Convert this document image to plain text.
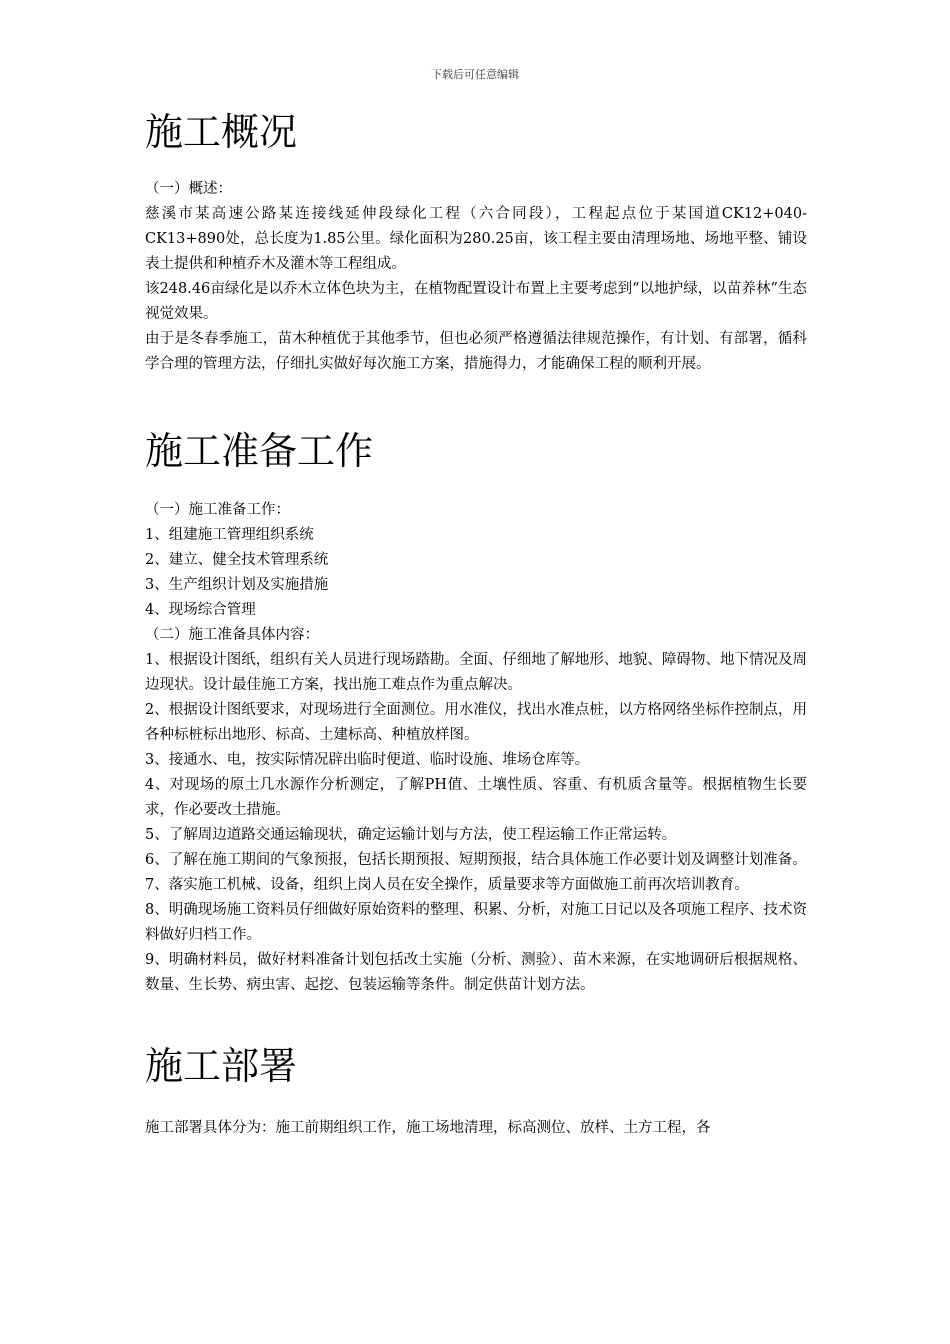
下载后可任意编辑
施工概况

（一）概述：

慈溪市某高速公路某连接线延伸段绿化工程（六合同段），工程起点位于某国道CK12+040-CK13+890处，总长度为1.85公里。绿化面积为280.25亩，该工程主要由清理场地、场地平整、铺设表土提供和种植乔木及灌木等工程组成。

该248.46亩绿化是以乔木立体色块为主，在植物配置设计布置上主要考虑到“以地护绿，以苗养林”生态视觉效果。

由于是冬春季施工，苗木种植优于其他季节，但也必须严格遵循法律规范操作，有计划、有部署，循科学合理的管理方法，仔细扎实做好每次施工方案，措施得力，才能确保工程的顺利开展。

施工准备工作

（一）施工准备工作：

1、组建施工管理组织系统

2、建立、健全技术管理系统

3、生产组织计划及实施措施

4、现场综合管理

（二）施工准备具体内容：

1、根据设计图纸，组织有关人员进行现场踏勘。全面、仔细地了解地形、地貌、障碍物、地下情况及周边现状。设计最佳施工方案，找出施工难点作为重点解决。

2、根据设计图纸要求，对现场进行全面测位。用水准仪，找出水准点桩，以方格网络坐标作控制点，用各种标桩标出地形、标高、土建标高、种植放样图。

3、接通水、电，按实际情况辟出临时便道、临时设施、堆场仓库等。

4、对现场的原土几水源作分析测定，了解PH值、土壤性质、容重、有机质含量等。根据植物生长要求，作必要改土措施。

5、了解周边道路交通运输现状，确定运输计划与方法，使工程运输工作正常运转。

6、了解在施工期间的气象预报，包括长期预报、短期预报，结合具体施工作必要计划及调整计划准备。

7、落实施工机械、设备，组织上岗人员在安全操作，质量要求等方面做施工前再次培训教育。

8、明确现场施工资料员仔细做好原始资料的整理、积累、分析，对施工日记以及各项施工程序、技术资料做好归档工作。

9、明确材料员，做好材料准备计划包括改土实施（分析、测验）、苗木来源，在实地调研后根据规格、数量、生长势、病虫害、起挖、包装运输等条件。制定供苗计划方法。

施工部署

施工部署具体分为：施工前期组织工作，施工场地清理，标高测位、放样、土方工程，各
